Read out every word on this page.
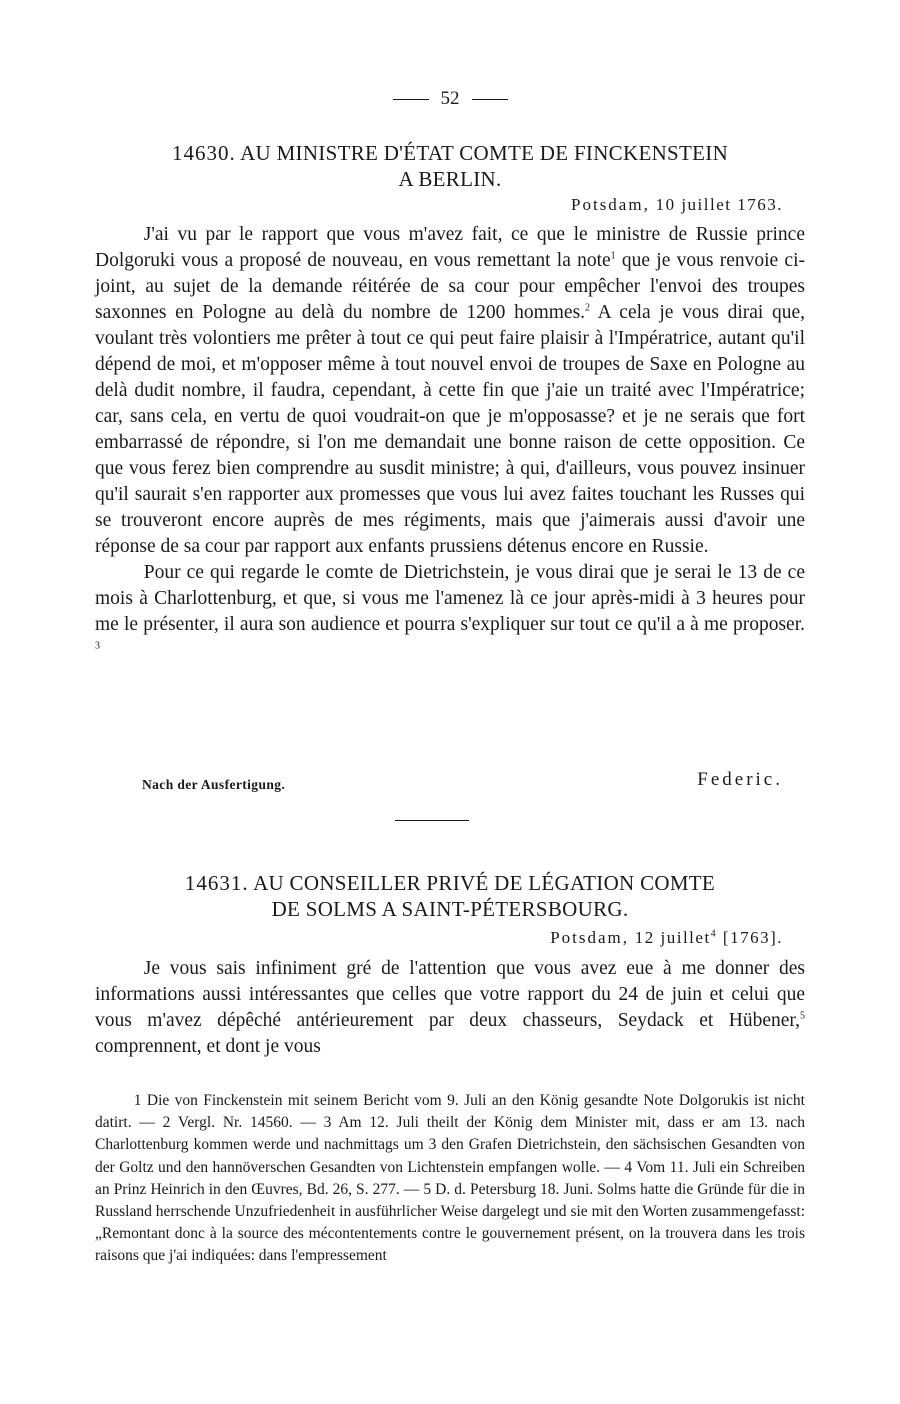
52
14630. AU MINISTRE D'ÉTAT COMTE DE FINCKENSTEIN
A BERLIN.
Potsdam, 10 juillet 1763.

J'ai vu par le rapport que vous m'avez fait, ce que le ministre de Russie prince Dolgoruki vous a proposé de nouveau, en vous remettant la note$^1$ que je vous renvoie ci-joint, au sujet de la demande réitérée de sa cour pour empêcher l'envoi des troupes saxonnes en Pologne au delà du nombre de 1200 hommes.$^2$ A cela je vous dirai que, voulant très volontiers me prêter à tout ce qui peut faire plaisir à l'Impératrice, autant qu'il dépend de moi, et m'opposer même à tout nouvel envoi de troupes de Saxe en Pologne au delà dudit nombre, il faudra, cependant, à cette fin que j'aie un traité avec l'Impératrice; car, sans cela, en vertu de quoi voudrait-on que je m'opposasse? et je ne serais que fort embarrassé de répondre, si l'on me demandait une bonne raison de cette opposition. Ce que vous ferez bien comprendre au susdit ministre; à qui, d'ailleurs, vous pouvez insinuer qu'il saurait s'en rapporter aux promesses que vous lui avez faites touchant les Russes qui se trouveront encore auprès de mes régiments, mais que j'aimerais aussi d'avoir une réponse de sa cour par rapport aux enfants prussiens détenus encore en Russie.

Pour ce qui regarde le comte de Dietrichstein, je vous dirai que je serai le 13 de ce mois à Charlottenburg, et que, si vous me l'amenez là ce jour après-midi à 3 heures pour me le présenter, il aura son audience et pourra s'expliquer sur tout ce qu'il a à me proposer. $^3$

Nach der Ausfertigung.	Federic.
14631. AU CONSEILLER PRIVÉ DE LÉGATION COMTE
DE SOLMS A SAINT-PÉTERSBOURG.
Potsdam, 12 juillet$^4$ [1763].

Je vous sais infiniment gré de l'attention que vous avez eue à me donner des informations aussi intéressantes que celles que votre rapport du 24 de juin et celui que vous m'avez dépêché antérieurement par deux chasseurs, Seydack et Hübener,$^5$ comprennent, et dont je vous

1 Die von Finckenstein mit seinem Bericht vom 9. Juli an den König gesandte Note Dolgorukis ist nicht datirt. — 2 Vergl. Nr. 14560. — 3 Am 12. Juli theilt der König dem Minister mit, dass er am 13. nach Charlottenburg kommen werde und nachmittags um 3 den Grafen Dietrichstein, den sächsischen Gesandten von der Goltz und den hannöverschen Gesandten von Lichtenstein empfangen wolle. — 4 Vom 11. Juli ein Schreiben an Prinz Heinrich in den Œuvres, Bd. 26, S. 277. — 5 D. d. Petersburg 18. Juni. Solms hatte die Gründe für die in Russland herrschende Unzufriedenheit in ausführlicher Weise dargelegt und sie mit den Worten zusammengefasst: „Remontant donc à la source des mécontentements contre le gouvernement présent, on la trouvera dans les trois raisons que j'ai indiquées: dans l'empressement
